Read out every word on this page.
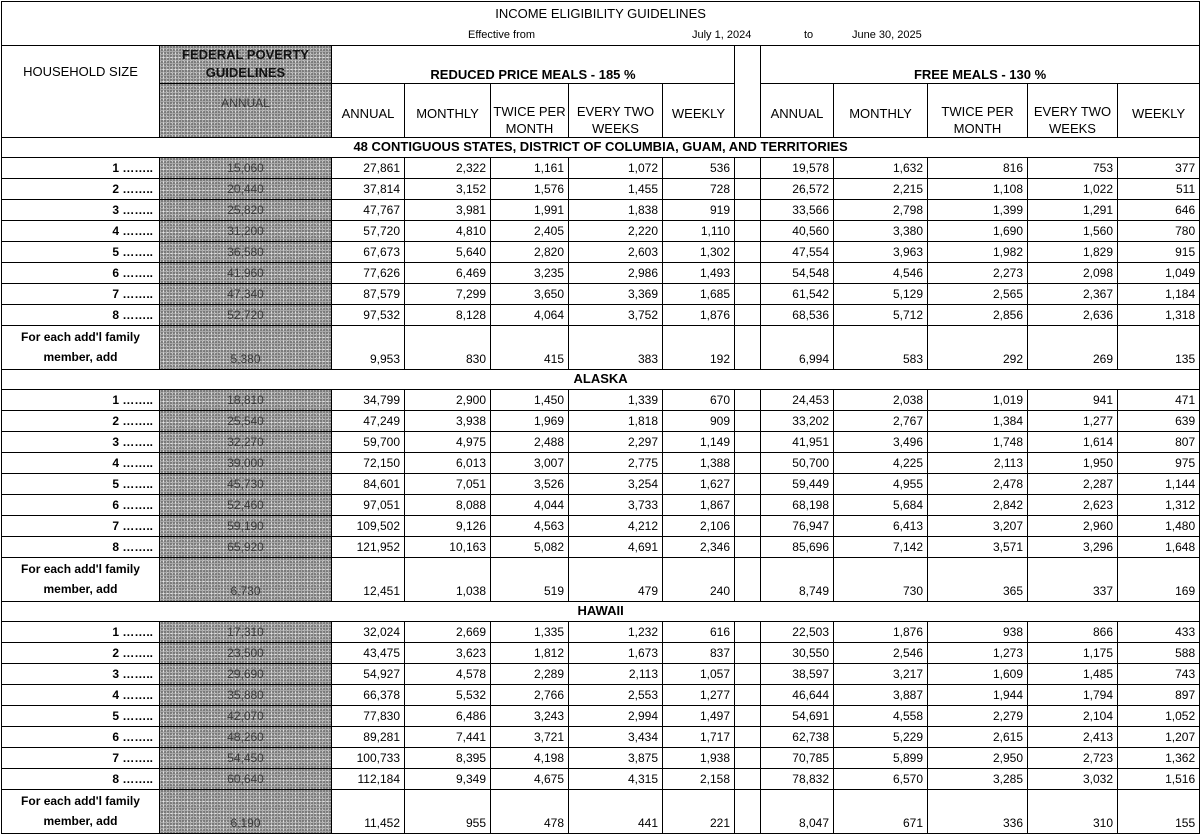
INCOME ELIGIBILITY GUIDELINES												

Effective from July 1, 2024 to June 30, 2025												

HOUSEHOLD SIZE	FEDERAL POVERTY GUIDELINES	REDUCED PRICE MEALS - 185 %						FREE MEALS - 130 %				
	ANNUAL	ANNUAL	MONTHLY	TWICE PER MONTH	EVERY TWO WEEKS	WEEKLY		ANNUAL	MONTHLY	TWICE PER MONTH	EVERY TWO WEEKS	WEEKLY
48 CONTIGUOUS STATES, DISTRICT OF COLUMBIA, GUAM, AND TERRITORIES												
1 ……..	15,060	27,861	2,322	1,161	1,072	536		19,578	1,632	816	753	377
2 ……..	20,440	37,814	3,152	1,576	1,455	728		26,572	2,215	1,108	1,022	511
3 ……..	25,820	47,767	3,981	1,991	1,838	919		33,566	2,798	1,399	1,291	646
4 ……..	31,200	57,720	4,810	2,405	2,220	1,110		40,560	3,380	1,690	1,560	780
5 ……..	36,580	67,673	5,640	2,820	2,603	1,302		47,554	3,963	1,982	1,829	915
6 ……..	41,960	77,626	6,469	3,235	2,986	1,493		54,548	4,546	2,273	2,098	1,049
7 ……..	47,340	87,579	7,299	3,650	3,369	1,685		61,542	5,129	2,565	2,367	1,184
8 ……..	52,720	97,532	8,128	4,064	3,752	1,876		68,536	5,712	2,856	2,636	1,318
For each add'l family member, add	5,380	9,953	830	415	383	192		6,994	583	292	269	135
ALASKA												
1 ……..	18,810	34,799	2,900	1,450	1,339	670		24,453	2,038	1,019	941	471
2 ……..	25,540	47,249	3,938	1,969	1,818	909		33,202	2,767	1,384	1,277	639
3 ……..	32,270	59,700	4,975	2,488	2,297	1,149		41,951	3,496	1,748	1,614	807
4 ……..	39,000	72,150	6,013	3,007	2,775	1,388		50,700	4,225	2,113	1,950	975
5 ……..	45,730	84,601	7,051	3,526	3,254	1,627		59,449	4,955	2,478	2,287	1,144
6 ……..	52,460	97,051	8,088	4,044	3,733	1,867		68,198	5,684	2,842	2,623	1,312
7 ……..	59,190	109,502	9,126	4,563	4,212	2,106		76,947	6,413	3,207	2,960	1,480
8 ……..	65,920	121,952	10,163	5,082	4,691	2,346		85,696	7,142	3,571	3,296	1,648
For each add'l family member, add	6,730	12,451	1,038	519	479	240		8,749	730	365	337	169
HAWAII												
1 ……..	17,310	32,024	2,669	1,335	1,232	616		22,503	1,876	938	866	433
2 ……..	23,500	43,475	3,623	1,812	1,673	837		30,550	2,546	1,273	1,175	588
3 ……..	29,690	54,927	4,578	2,289	2,113	1,057		38,597	3,217	1,609	1,485	743
4 ……..	35,880	66,378	5,532	2,766	2,553	1,277		46,644	3,887	1,944	1,794	897
5 ……..	42,070	77,830	6,486	3,243	2,994	1,497		54,691	4,558	2,279	2,104	1,052
6 ……..	48,260	89,281	7,441	3,721	3,434	1,717		62,738	5,229	2,615	2,413	1,207
7 ……..	54,450	100,733	8,395	4,198	3,875	1,938		70,785	5,899	2,950	2,723	1,362
8 ……..	60,640	112,184	9,349	4,675	4,315	2,158		78,832	6,570	3,285	3,032	1,516
For each add'l family member, add	6,190	11,452	955	478	441	221		8,047	671	336	310	155
